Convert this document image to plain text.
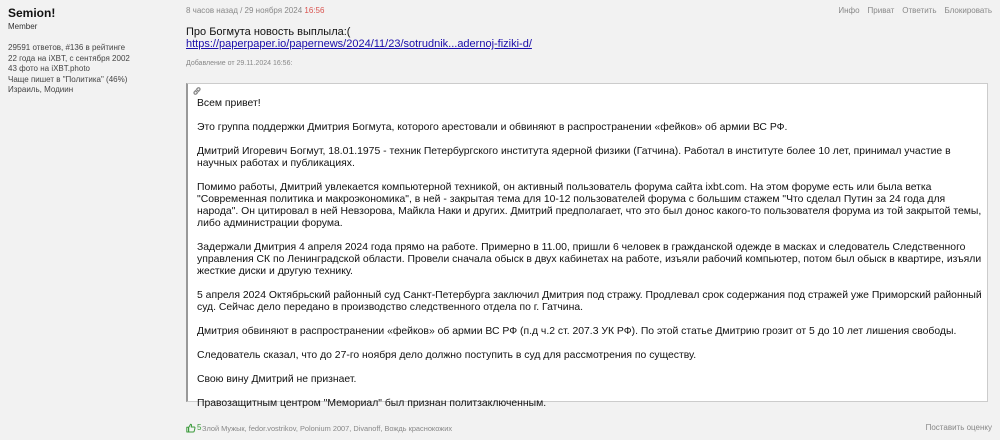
Semion!
Member
29591 ответов, #136 в рейтинге
22 года на iXBT, с сентября 2002
43 фото на iXBT.photo
Чаще пишет в "Политика" (46%)
Израиль, Модиин
8 часов назад / 29 ноября 2024 16:56	Инфо Приват Ответить Блокировать
Про Богмута новость выплыла:(
https://paperpaper.io/papernews/2024/11/23/sotrudnik...adernoj-fiziki-d/
Добавление от 29.11.2024 16:56:

Всем привет!

Это группа поддержки Дмитрия Богмута, которого арестовали и обвиняют в распространении «фейков» об армии ВС РФ.

Дмитрий Игоревич Богмут, 18.01.1975 - техник Петербургского института ядерной физики (Гатчина). Работал в институте более 10 лет, принимал участие в научных работах и публикациях.

Помимо работы, Дмитрий увлекается компьютерной техникой, он активный пользователь форума сайта ixbt.com. На этом форуме есть или была ветка "Современная политика и макроэкономика", в ней - закрытая тема для 10-12 пользователей форума с большим стажем "Что сделал Путин за 24 года для народа". Он цитировал в ней Невзорова, Майкла Наки и других. Дмитрий предполагает, что это был донос какого-то пользователя форума из той закрытой темы, либо администрации форума.

Задержали Дмитрия 4 апреля 2024 года прямо на работе. Примерно в 11.00, пришли 6 человек в гражданской одежде в масках и следователь Следственного управления СК по Ленинградской области. Провели сначала обыск в двух кабинетах на работе, изъяли рабочий компьютер, потом был обыск в квартире, изъяли жесткие диски и другую технику.

5 апреля 2024 Октябрьский районный суд Санкт-Петербурга заключил Дмитрия под стражу. Продлевал срок содержания под стражей уже Приморский районный суд. Сейчас дело передано в производство следственного отдела по г. Гатчина.

Дмитрия обвиняют в распространении «фейков» об армии ВС РФ (п.д ч.2 ст. 207.3 УК РФ). По этой статье Дмитрию грозит от 5 до 10 лет лишения свободы.

Следователь сказал, что до 27-го ноября дело должно поступить в суд для рассмотрения по существу.

Свою вину Дмитрий не признает.

Правозащитным центром "Мемориал" был признан политзаключенным.

5 Злой Мужык, fedor.vostrikov, Polonium 2007, Divanoff, Вождь краснокожих	Поставить оценку
